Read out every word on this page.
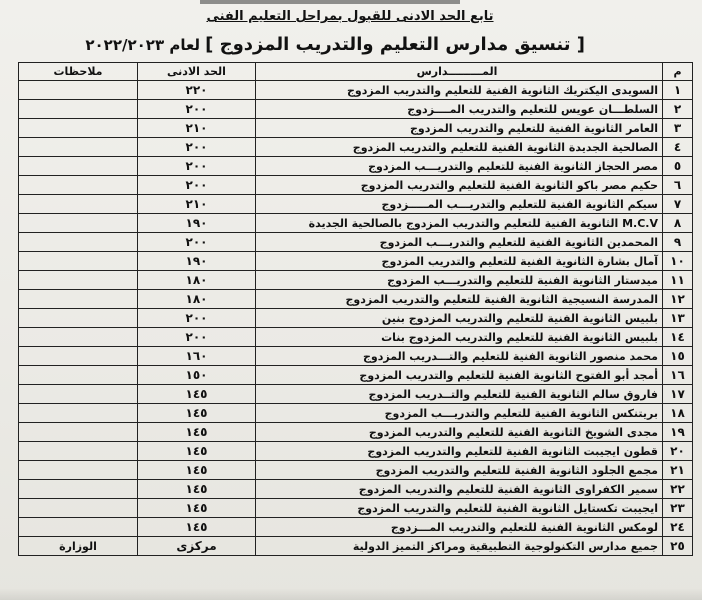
تابع الحد الادنى للقبول بمراحل التعليم الفنى
[ تنسيق مدارس التعليم والتدريب المزدوج ] لعام ٢٠٢٢/٢٠٢٣
م	المـــــــــدارس	الحد الادنى	ملاحظات
١	السويدى اليكتريك الثانوية الفنية للتعليم والتدريب المزدوج	٢٢٠	
٢	السلطـــان عويس للتعليم والتدريب المــــزدوج	٢٠٠	
٣	العامر الثانوية الفنية للتعليم والتدريب المزدوج	٢١٠	
٤	الصالحية الجديدة الثانوية الفنية للتعليم والتدريب المزدوج	٢٠٠	
٥	مصر الحجاز الثانوية الفنية للتعليم والتدريـــب المزدوج	٢٠٠	
٦	حكيم مصر باكو الثانوية الفنية للتعليم والتدريب المزدوج	٢٠٠	
٧	سيكم الثانوية الفنية للتعليم والتدريـــب المـــــزدوج	٢١٠	
٨	M.C.V الثانوية الفنية للتعليم والتدريب المزدوج بالصالحية الجديدة	١٩٠	
٩	المحمدين الثانوية الفنية للتعليم والتدريـــب المزدوج	٢٠٠	
١٠	آمال بشارة الثانوية الفنية للتعليم والتدريب المزدوج	١٩٠	
١١	ميدستار الثانوية الفنية للتعليم والتدريـــب المزدوج	١٨٠	
١٢	المدرسة النسيجية الثانوية الفنية للتعليم والتدريب المزدوج	١٨٠	
١٣	بلبيس الثانوية الفنية للتعليم والتدريب المزدوج بنين	٢٠٠	
١٤	بلبيس الثانوية الفنية للتعليم والتدريب المزدوج بنات	٢٠٠	
١٥	محمد منصور الثانوية الفنية للتعليم والتـــدريب المزدوج	١٦٠	
١٦	أمجد أبو الفتوح الثانوية الفنية للتعليم والتدريب المزدوج	١٥٠	
١٧	فاروق سالم الثانوية الفنية للتعليم والتــدريب المزدوج	١٤٥	
١٨	بريتنكس الثانوية الفنية للتعليم والتدريـــب المزدوج	١٤٥	
١٩	مجدى الشويخ الثانوية الفنية للتعليم والتدريب المزدوج	١٤٥	
٢٠	قطون ايجيبت الثانوية الفنية للتعليم والتدريب المزدوج	١٤٥	
٢١	مجمع الجلود الثانوية الفنية للتعليم والتدريب المزدوج	١٤٥	
٢٢	سمير الكفراوى الثانوية الفنية للتعليم والتدريب المزدوج	١٤٥	
٢٣	ايجيبت تكستايل الثانوية الفنية للتعليم والتدريب المزدوج	١٤٥	
٢٤	لومكس الثانوية الفنية للتعليم والتدريب المـــزدوج	١٤٥	
٢٥	جميع مدارس التكنولوجية التطبيقية ومراكز التميز الدولية	مركزى	الوزارة
